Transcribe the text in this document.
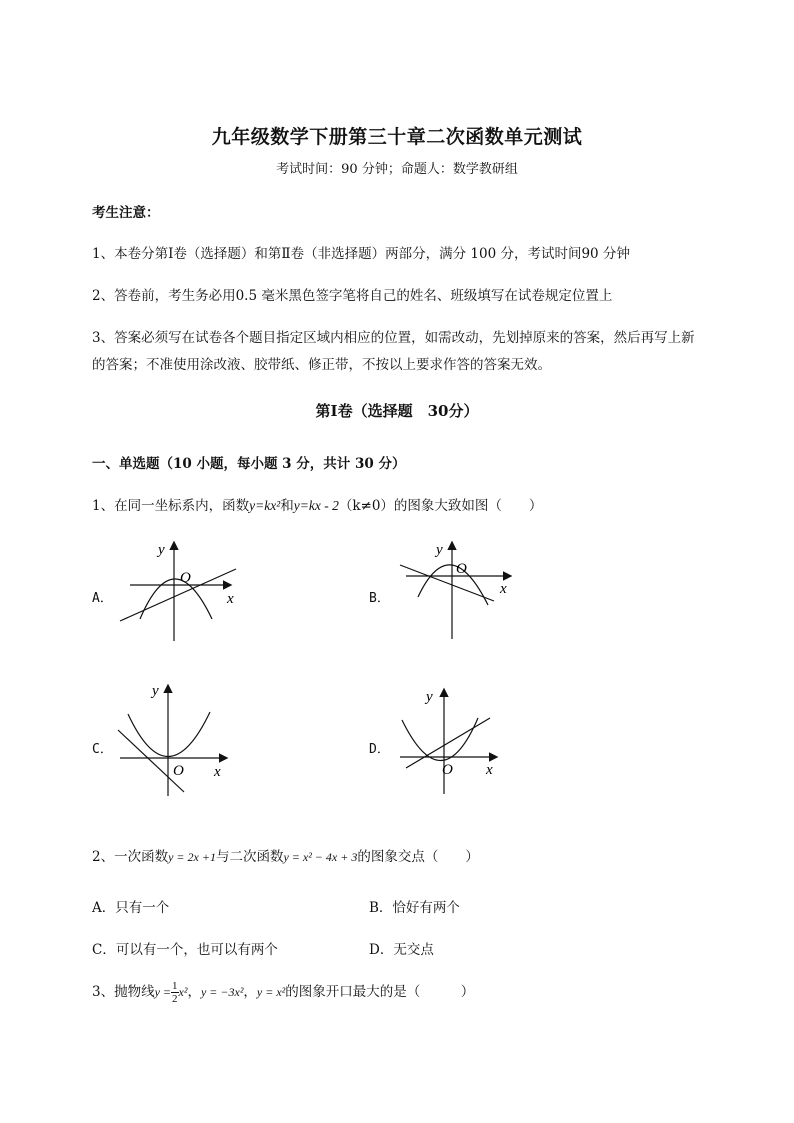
九年级数学下册第三十章二次函数单元测试
考试时间：90 分钟；命题人：数学教研组
考生注意：
1、本卷分第Ⅰ卷（选择题）和第Ⅱ卷（非选择题）两部分，满分 100 分，考试时间90 分钟
2、答卷前，考生务必用0.5 毫米黑色签字笔将自己的姓名、班级填写在试卷规定位置上
3、答案必须写在试卷各个题目指定区域内相应的位置，如需改动，先划掉原来的答案，然后再写上新
的答案；不准使用涂改液、胶带纸、修正带，不按以上要求作答的答案无效。
第Ⅰ卷（选择题　30分）
一、单选题（10 小题，每小题 3 分，共计 30 分）
1、在同一坐标系内，函数y=kx²和y=kx - 2（k≠0）的图象大致如图（　　）
A．	B．
C．	D．
y
x
O
y
x
O
y
x
O
y
x
O
2、一次函数y = 2x +1与二次函数y = x² − 4x + 3的图象交点（　　）
A．只有一个	B．恰好有两个
C．可以有一个，也可以有两个	D．无交点
3、抛物线$y = \frac{1}{2} x^2$，y = −3x²，y = x²的图象开口最大的是（　　　）
